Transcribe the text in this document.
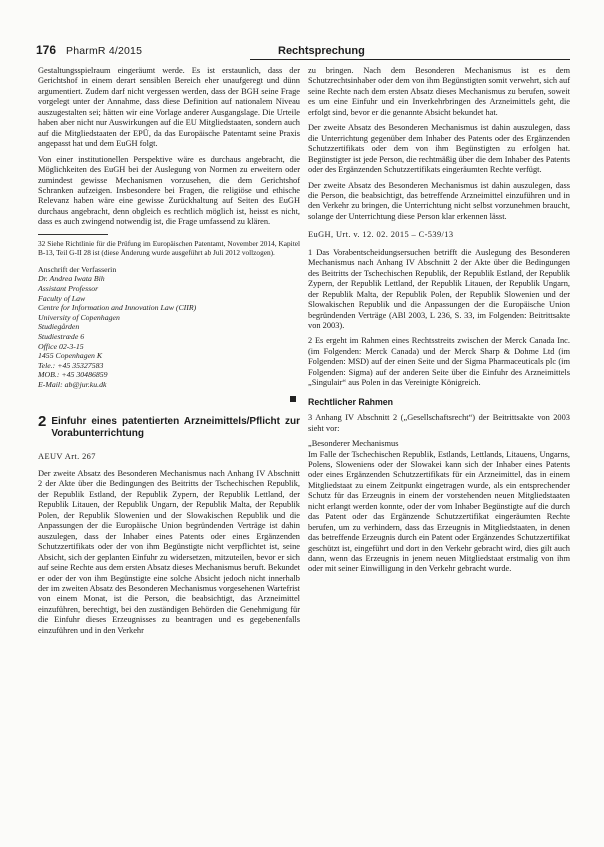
176 PharmR 4/2015	Rechtsprechung

Gestaltungsspielraum eingeräumt werde. Es ist erstaunlich, dass der Gerichtshof in einem derart sensiblen Bereich eher unaufgeregt und dünn argumentiert. Zudem darf nicht vergessen werden, dass der BGH seine Frage vorgelegt unter der Annahme, dass diese Definition auf nationalem Niveau auszugestalten sei; hätten wir eine Vorlage anderer Ausgangslage. Die Urteile haben aber nicht nur Auswirkungen auf die EU Mitgliedstaaten, sondern auch auf die Mitgliedstaaten der EPÜ, da das Europäische Patentamt seine Praxis angepasst hat und dem EuGH folgt.

Von einer institutionellen Perspektive wäre es durchaus angebracht, die Möglichkeiten des EuGH bei der Auslegung von Normen zu erweitern oder zumindest gewisse Mechanismen vorzusehen, die dem Gerichtshof Schranken aufzeigen. Insbesondere bei Fragen, die religiöse und ethische Relevanz haben wäre eine gewisse Zurückhaltung auf Seiten des EuGH durchaus angebracht, denn obgleich es rechtlich möglich ist, heisst es nicht, dass es auch zwingend notwendig ist, die Frage umfassend zu klären.

32 Siehe Richtlinie für die Prüfung im Europäischen Patentamt, November 2014, Kapitel B-13, Teil G-II 28 ist (diese Änderung wurde ausgeführt ab Juli 2012 vollzogen).

Anschrift der Verfasserin

Dr. Andrea Iwata Bih

Assistant Professor

Faculty of Law

Centre for Information and Innovation Law (CIIR)

University of Copenhagen

Studiegården

Studiestræde 6

Office 02-3-15

1455 Copenhagen K

Tele.: +45 35327583

MOB.: +45 30486859

E-Mail: ab@jur.ku.dk

2 Einfuhr eines patentierten Arzneimittels/Pflicht zur Vorabunterrichtung

AEUV Art. 267

Der zweite Absatz des Besonderen Mechanismus nach Anhang IV Abschnitt 2 der Akte über die Bedingungen des Beitritts der Tschechischen Republik, der Republik Estland, der Republik Zypern, der Republik Lettland, der Republik Litauen, der Republik Ungarn, der Republik Malta, der Republik Polen, der Republik Slowenien und der Slowakischen Republik und die Anpassungen der die Europäische Union begründenden Verträge ist dahin auszulegen, dass der Inhaber eines Patents oder eines Ergänzenden Schutzzertifikats oder der von ihm Begünstigte nicht verpflichtet ist, seine Absicht, sich der geplanten Einfuhr zu widersetzen, mitzuteilen, bevor er sich auf seine Rechte aus dem ersten Absatz dieses Mechanismus beruft. Bekundet er oder der von ihm Begünstigte eine solche Absicht jedoch nicht innerhalb der im zweiten Absatz des Besonderen Mechanismus vorgesehenen Wartefrist von einem Monat, ist die Person, die beabsichtigt, das Arzneimittel einzuführen, berechtigt, bei den zuständigen Behörden die Genehmigung für die Einfuhr dieses Erzeugnisses zu beantragen und es gegebenenfalls einzuführen und in den Verkehr

zu bringen. Nach dem Besonderen Mechanismus ist es dem Schutzrechtsinhaber oder dem von ihm Begünstigten somit verwehrt, sich auf seine Rechte nach dem ersten Absatz dieses Mechanismus zu berufen, soweit es um eine Einfuhr und ein Inverkehrbringen des Arzneimittels geht, die erfolgt sind, bevor er die genannte Absicht bekundet hat.

Der zweite Absatz des Besonderen Mechanismus ist dahin auszulegen, dass die Unterrichtung gegenüber dem Inhaber des Patents oder des Ergänzenden Schutzzertifikats oder dem von ihm Begünstigten zu erfolgen hat. Begünstigter ist jede Person, die rechtmäßig über die dem Inhaber des Patents oder des Ergänzenden Schutzzertifikats eingeräumten Rechte verfügt.

Der zweite Absatz des Besonderen Mechanismus ist dahin auszulegen, dass die Person, die beabsichtigt, das betreffende Arzneimittel einzuführen und in den Verkehr zu bringen, die Unterrichtung nicht selbst vorzunehmen braucht, solange der Unterrichtung diese Person klar erkennen lässt.

EuGH, Urt. v. 12. 02. 2015 – C-539/13

1 Das Vorabentscheidungsersuchen betrifft die Auslegung des Besonderen Mechanismus nach Anhang IV Abschnitt 2 der Akte über die Bedingungen des Beitritts der Tschechischen Republik, der Republik Estland, der Republik Zypern, der Republik Lettland, der Republik Litauen, der Republik Ungarn, der Republik Malta, der Republik Polen, der Republik Slowenien und der Slowakischen Republik und die Anpassungen der die Europäische Union begründenden Verträge (ABl 2003, L 236, S. 33, im Folgenden: Beitrittsakte von 2003).

2 Es ergeht im Rahmen eines Rechtsstreits zwischen der Merck Canada Inc. (im Folgenden: Merck Canada) und der Merck Sharp & Dohme Ltd (im Folgenden: MSD) auf der einen Seite und der Sigma Pharmaceuticals plc (im Folgenden: Sigma) auf der anderen Seite über die Einfuhr des Arzneimittels „Singulair“ aus Polen in das Vereinigte Königreich.

Rechtlicher Rahmen

3 Anhang IV Abschnitt 2 („Gesellschaftsrecht“) der Beitrittsakte von 2003 sieht vor:

„Besonderer Mechanismus

Im Falle der Tschechischen Republik, Estlands, Lettlands, Litauens, Ungarns, Polens, Sloweniens oder der Slowakei kann sich der Inhaber eines Patents oder eines Ergänzenden Schutzzertifikats für ein Arzneimittel, das in einem Mitgliedstaat zu einem Zeitpunkt eingetragen wurde, als ein entsprechender Schutz für das Erzeugnis in einem der vorstehenden neuen Mitgliedstaaten nicht erlangt werden konnte, oder der vom Inhaber Begünstigte auf die durch das Patent oder das Ergänzende Schutzzertifikat eingeräumten Rechte berufen, um zu verhindern, dass das Erzeugnis in Mitgliedstaaten, in denen das betreffende Erzeugnis durch ein Patent oder Ergänzendes Schutzzertifikat geschützt ist, eingeführt und dort in den Verkehr gebracht wird, dies gilt auch dann, wenn das Erzeugnis in jenem neuen Mitgliedstaat erstmalig von ihm oder mit seiner Einwilligung in den Verkehr gebracht wurde.
